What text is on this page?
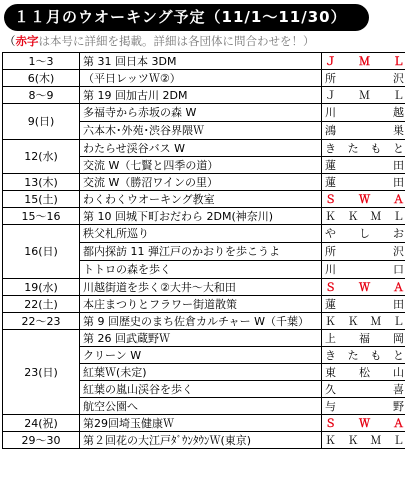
１１月のウオーキング予定（11/1～11/30）
（赤字は本号に詳細を掲載。詳細は各団体に問合わせを！）
1～3	第 31 回日本 3DM	ＪＭＬ
6(木)	（平日レッツＷ②）	所　沢
8～9	第 19 回加古川 2DM	ＪＭＬ
9(日)	多福寺から赤坂の森 W	川　越
	六本木･外苑･渋谷界隈Ｗ	鴻　巣
12(水)	わたらせ渓谷バス W	きたもと
	交流 W（七賢と四季の道）	蓮　田
13(木)	交流 W（勝沼ワインの里）	蓮　田
15(土)	わくわくウオーキング教室	ＳＷＡ
15～16	第 10 回城下町おだわら 2DM(神奈川)	ＫＫＭＬ
16(日)	秩父札所巡り	やしお
	都内探訪 11 弾江戸のかおりを歩こうよ	所　沢
	トトロの森を歩く	川　口
19(水)	川越街道を歩く②大井～大和田	ＳＷＡ
22(土)	本庄まつりとフラワー街道散策	蓮　田
22～23	第 9 回歴史のまち佐倉カルチャー W（千葉）	ＫＫＭＬ
23(日)	第 26 回武蔵野Ｗ	上福岡
	クリーン W	きたもと
	紅葉Ｗ(未定)	東松山
	紅葉の嵐山渓谷を歩く	久　喜
	航空公園へ	与　野
24(祝)	第29回埼玉健康Ｗ	ＳＷＡ
29～30	第２回花の大江戸ﾀﾞｳﾝﾀｳﾝＷ(東京)	ＫＫＭＬ
